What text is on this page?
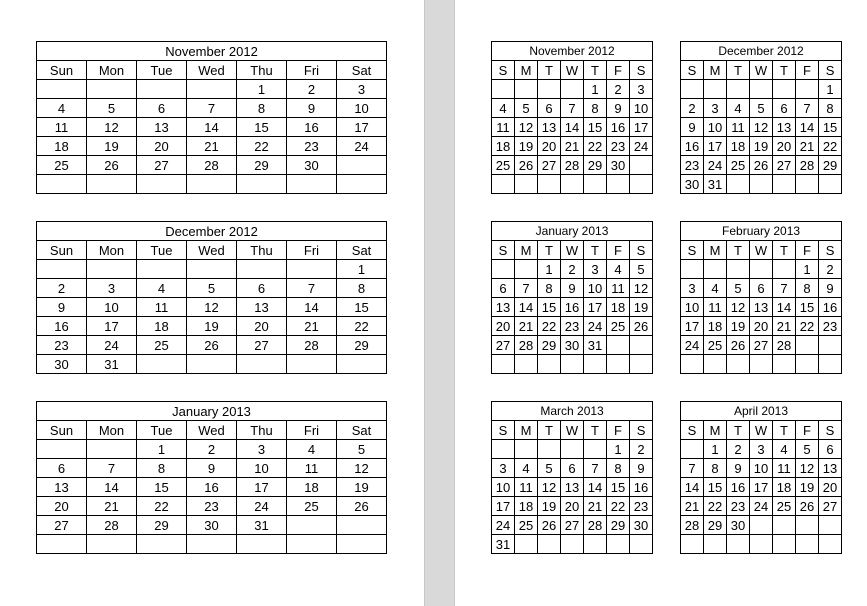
November 2012						
Sun	Mon	Tue	Wed	Thu	Fri	Sat
				1	2	3
4	5	6	7	8	9	10
11	12	13	14	15	16	17
18	19	20	21	22	23	24
25	26	27	28	29	30	

December 2012						
Sun	Mon	Tue	Wed	Thu	Fri	Sat
						1
2	3	4	5	6	7	8
9	10	11	12	13	14	15
16	17	18	19	20	21	22
23	24	25	26	27	28	29
30	31					
January 2013						
Sun	Mon	Tue	Wed	Thu	Fri	Sat
		1	2	3	4	5
6	7	8	9	10	11	12
13	14	15	16	17	18	19
20	21	22	23	24	25	26
27	28	29	30	31		

November 2012						
S	M	T	W	T	F	S
				1	2	3
4	5	6	7	8	9	10
11	12	13	14	15	16	17
18	19	20	21	22	23	24
25	26	27	28	29	30	

December 2012						
S	M	T	W	T	F	S
						1
2	3	4	5	6	7	8
9	10	11	12	13	14	15
16	17	18	19	20	21	22
23	24	25	26	27	28	29
30	31					
January 2013						
S	M	T	W	T	F	S
		1	2	3	4	5
6	7	8	9	10	11	12
13	14	15	16	17	18	19
20	21	22	23	24	25	26
27	28	29	30	31		

February 2013						
S	M	T	W	T	F	S
					1	2
3	4	5	6	7	8	9
10	11	12	13	14	15	16
17	18	19	20	21	22	23
24	25	26	27	28		

March 2013						
S	M	T	W	T	F	S
					1	2
3	4	5	6	7	8	9
10	11	12	13	14	15	16
17	18	19	20	21	22	23
24	25	26	27	28	29	30
31						
April 2013						
S	M	T	W	T	F	S
	1	2	3	4	5	6
7	8	9	10	11	12	13
14	15	16	17	18	19	20
21	22	23	24	25	26	27
28	29	30				
